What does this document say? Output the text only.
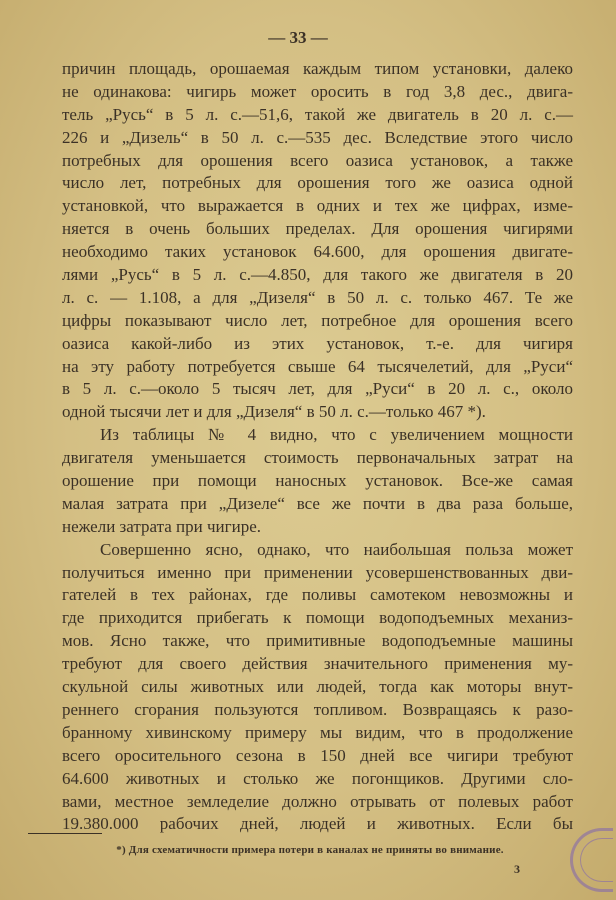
— 33 —
причин площадь, орошаемая каждым типом установки, далеко
не одинакова: чигирь может оросить в год 3,8 дес., двига-
тель „Русь“ в 5 л. с.—51,6, такой же двигатель в 20 л. с.—
226 и „Дизель“ в 50 л. с.—535 дес. Вследствие этого число
потребных для орошения всего оазиса установок, а также
число лет, потребных для орошения того же оазиса одной
установкой, что выражается в одних и тех же цифрах, изме-
няется в очень больших пределах. Для орошения чигирями
необходимо таких установок 64.600, для орошения двигате-
лями „Русь“ в 5 л. с.—4.850, для такого же двигателя в 20
л. с. — 1.108, а для „Дизеля“ в 50 л. с. только 467. Те же
цифры показывают число лет, потребное для орошения всего
оазиса какой-либо из этих установок, т.-е. для чигиря
на эту работу потребуется свыше 64 тысячелетий, для „Руси“
в 5 л. с.—около 5 тысяч лет, для „Руси“ в 20 л. с., около
одной тысячи лет и для „Дизеля“ в 50 л. с.—только 467 *).
Из таблицы № 4 видно, что с увеличением мощности
двигателя уменьшается стоимость первоначальных затрат на
орошение при помощи наносных установок. Все-же самая
малая затрата при „Дизеле“ все же почти в два раза больше,
нежели затрата при чигире.
Совершенно ясно, однако, что наибольшая польза может
получиться именно при применении усовершенствованных дви-
гателей в тех районах, где поливы самотеком невозможны и
где приходится прибегать к помощи водоподъемных механиз-
мов. Ясно также, что примитивные водоподъемные машины
требуют для своего действия значительного применения му-
скульной силы животных или людей, тогда как моторы внут-
реннего сгорания пользуются топливом. Возвращаясь к разо-
бранному хивинскому примеру мы видим, что в продолжение
всего оросительного сезона в 150 дней все чигири требуют
64.600 животных и столько же погонщиков. Другими сло-
вами, местное земледелие должно отрывать от полевых работ
19.380.000 рабочих дней, людей и животных. Если бы
*) Для схематичности примера потери в каналах не приняты во внимание.
3
